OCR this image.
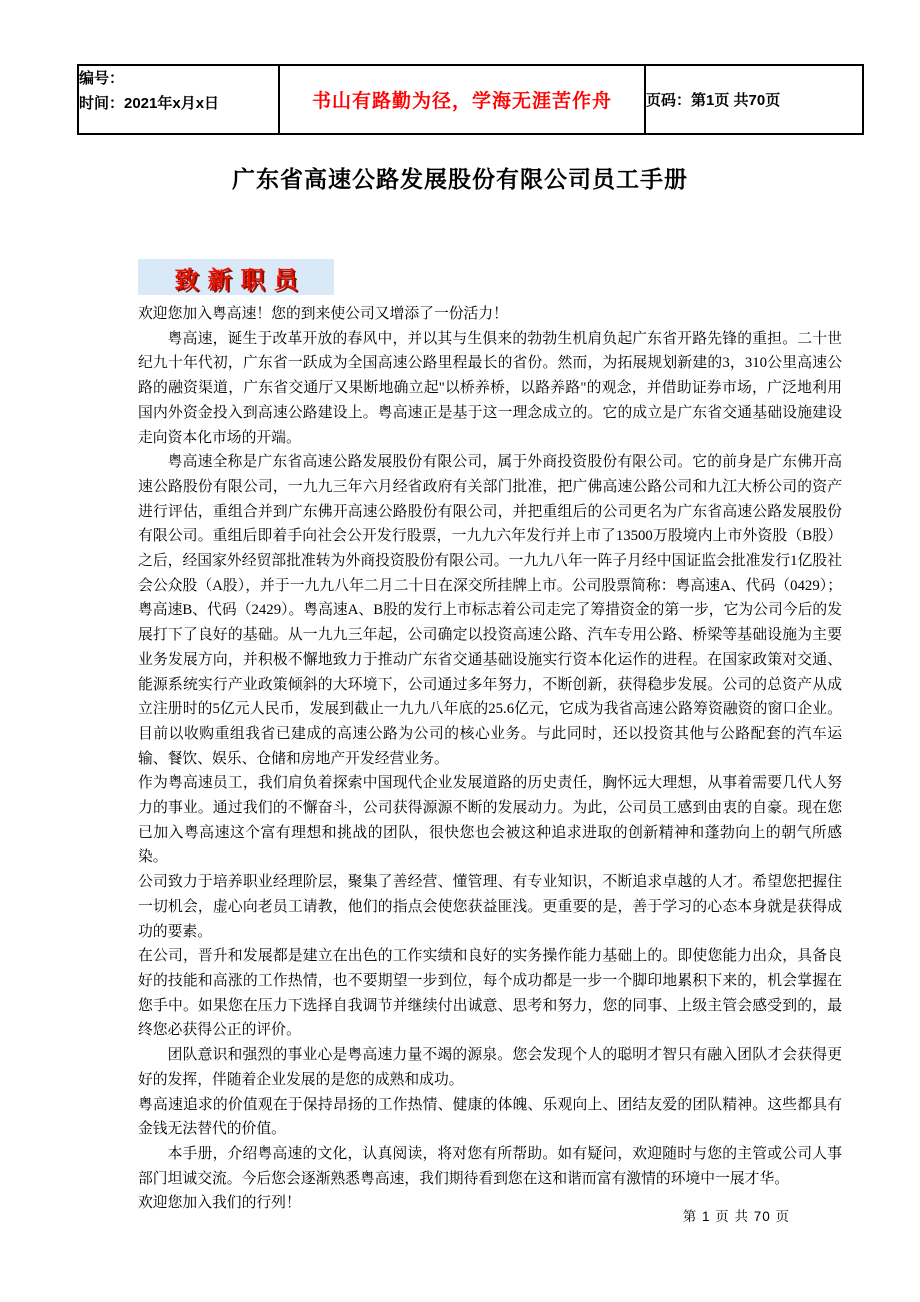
编号：
时间：2021年x月x日	书山有路勤为径，学海无涯苦作舟	页码：第1页 共70页
广东省高速公路发展股份有限公司员工手册
致新职员

欢迎您加入粤高速！您的到来使公司又增添了一份活力！

粤高速，诞生于改革开放的春风中，并以其与生俱来的勃勃生机肩负起广东省开路先锋的重担。二十世纪九十年代初，广东省一跃成为全国高速公路里程最长的省份。然而，为拓展规划新建的3，310公里高速公路的融资渠道，广东省交通厅又果断地确立起"以桥养桥，以路养路"的观念，并借助证券市场，广泛地利用国内外资金投入到高速公路建设上。粤高速正是基于这一理念成立的。它的成立是广东省交通基础设施建设走向资本化市场的开端。

粤高速全称是广东省高速公路发展股份有限公司，属于外商投资股份有限公司。它的前身是广东佛开高速公路股份有限公司，一九九三年六月经省政府有关部门批准，把广佛高速公路公司和九江大桥公司的资产进行评估，重组合并到广东佛开高速公路股份有限公司，并把重组后的公司更名为广东省高速公路发展股份有限公司。重组后即着手向社会公开发行股票，一九九六年发行并上市了13500万股境内上市外资股（B股）之后，经国家外经贸部批准转为外商投资股份有限公司。一九九八年一阵子月经中国证监会批准发行1亿股社会公众股（A股），并于一九九八年二月二十日在深交所挂牌上市。公司股票简称：粤高速A、代码（0429）；粤高速B、代码（2429）。粤高速A、B股的发行上市标志着公司走完了筹措资金的第一步，它为公司今后的发展打下了良好的基础。从一九九三年起，公司确定以投资高速公路、汽车专用公路、桥梁等基础设施为主要业务发展方向，并积极不懈地致力于推动广东省交通基础设施实行资本化运作的进程。在国家政策对交通、能源系统实行产业政策倾斜的大环境下，公司通过多年努力，不断创新，获得稳步发展。公司的总资产从成立注册时的5亿元人民币，发展到截止一九九八年底的25.6亿元，它成为我省高速公路筹资融资的窗口企业。目前以收购重组我省已建成的高速公路为公司的核心业务。与此同时，还以投资其他与公路配套的汽车运输、餐饮、娱乐、仓储和房地产开发经营业务。

作为粤高速员工，我们肩负着探索中国现代企业发展道路的历史责任，胸怀远大理想，从事着需要几代人努力的事业。通过我们的不懈奋斗，公司获得源源不断的发展动力。为此，公司员工感到由衷的自豪。现在您已加入粤高速这个富有理想和挑战的团队，很快您也会被这种追求进取的创新精神和蓬勃向上的朝气所感染。

公司致力于培养职业经理阶层，聚集了善经营、懂管理、有专业知识，不断追求卓越的人才。希望您把握住一切机会，虚心向老员工请教，他们的指点会使您获益匪浅。更重要的是，善于学习的心态本身就是获得成功的要素。

在公司，晋升和发展都是建立在出色的工作实绩和良好的实务操作能力基础上的。即使您能力出众，具备良好的技能和高涨的工作热情，也不要期望一步到位，每个成功都是一步一个脚印地累积下来的，机会掌握在您手中。如果您在压力下选择自我调节并继续付出诚意、思考和努力，您的同事、上级主管会感受到的，最终您必获得公正的评价。

团队意识和强烈的事业心是粤高速力量不竭的源泉。您会发现个人的聪明才智只有融入团队才会获得更好的发挥，伴随着企业发展的是您的成熟和成功。

粤高速追求的价值观在于保持昂扬的工作热情、健康的体魄、乐观向上、团结友爱的团队精神。这些都具有金钱无法替代的价值。

本手册，介绍粤高速的文化，认真阅读，将对您有所帮助。如有疑问，欢迎随时与您的主管或公司人事部门坦诚交流。今后您会逐渐熟悉粤高速，我们期待看到您在这和谐而富有激情的环境中一展才华。

欢迎您加入我们的行列！

第 1 页 共 70 页
